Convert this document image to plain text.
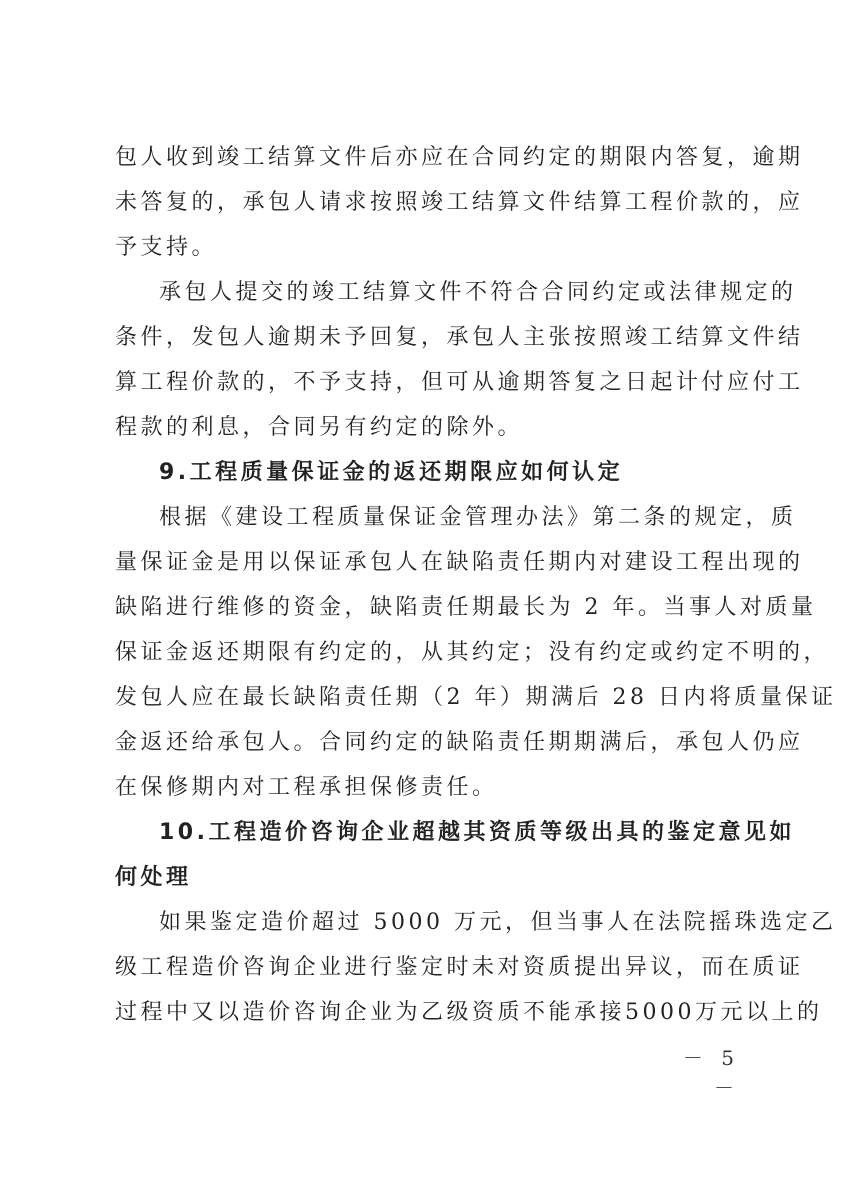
包人收到竣工结算文件后亦应在合同约定的期限内答复，逾期
未答复的，承包人请求按照竣工结算文件结算工程价款的，应
予支持。
承包人提交的竣工结算文件不符合合同约定或法律规定的
条件，发包人逾期未予回复，承包人主张按照竣工结算文件结
算工程价款的，不予支持，但可从逾期答复之日起计付应付工
程款的利息，合同另有约定的除外。
9.工程质量保证金的返还期限应如何认定
根据《建设工程质量保证金管理办法》第二条的规定，质
量保证金是用以保证承包人在缺陷责任期内对建设工程出现的
缺陷进行维修的资金，缺陷责任期最长为 2 年。当事人对质量
保证金返还期限有约定的，从其约定；没有约定或约定不明的，
发包人应在最长缺陷责任期（2 年）期满后 28 日内将质量保证
金返还给承包人。合同约定的缺陷责任期期满后，承包人仍应
在保修期内对工程承担保修责任。
10.工程造价咨询企业超越其资质等级出具的鉴定意见如
何处理
如果鉴定造价超过 5000 万元，但当事人在法院摇珠选定乙
级工程造价咨询企业进行鉴定时未对资质提出异议，而在质证
过程中又以造价咨询企业为乙级资质不能承接5000万元以上的
－ 5 －
